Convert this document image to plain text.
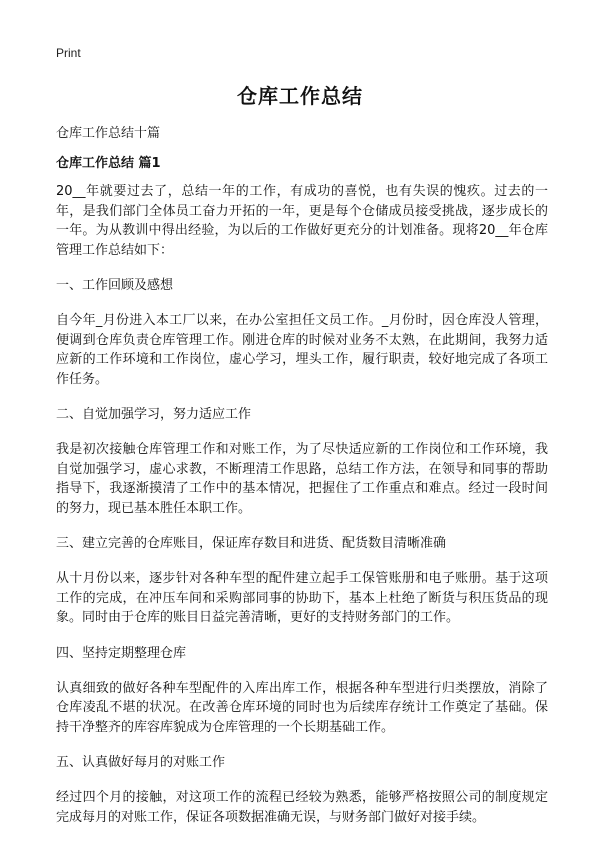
Print
仓库工作总结
仓库工作总结十篇
仓库工作总结 篇1

20__年就要过去了，总结一年的工作，有成功的喜悦，也有失误的愧疚。过去的一年，是我们部门全体员工奋力开拓的一年，更是每个仓储成员接受挑战，逐步成长的一年。为从教训中得出经验，为以后的工作做好更充分的计划准备。现将20__年仓库管理工作总结如下：

一、工作回顾及感想

自今年_月份进入本工厂以来，在办公室担任文员工作。_月份时，因仓库没人管理，便调到仓库负责仓库管理工作。刚进仓库的时候对业务不太熟，在此期间，我努力适应新的工作环境和工作岗位，虚心学习，埋头工作，履行职责，较好地完成了各项工作任务。

二、自觉加强学习，努力适应工作

我是初次接触仓库管理工作和对账工作，为了尽快适应新的工作岗位和工作环境，我自觉加强学习，虚心求教，不断理清工作思路，总结工作方法，在领导和同事的帮助指导下，我逐渐摸清了工作中的基本情况，把握住了工作重点和难点。经过一段时间的努力，现已基本胜任本职工作。

三、建立完善的仓库账目，保证库存数目和进货、配货数目清晰准确

从十月份以来，逐步针对各种车型的配件建立起手工保管账册和电子账册。基于这项工作的完成，在冲压车间和采购部同事的协助下，基本上杜绝了断货与积压货品的现象。同时由于仓库的账目日益完善清晰，更好的支持财务部门的工作。

四、坚持定期整理仓库

认真细致的做好各种车型配件的入库出库工作，根据各种车型进行归类摆放，消除了仓库凌乱不堪的状况。在改善仓库环境的同时也为后续库存统计工作奠定了基础。保持干净整齐的库容库貌成为仓库管理的一个长期基础工作。

五、认真做好每月的对账工作

经过四个月的接触，对这项工作的流程已经较为熟悉，能够严格按照公司的制度规定完成每月的对账工作，保证各项数据准确无误，与财务部门做好对接手续。
